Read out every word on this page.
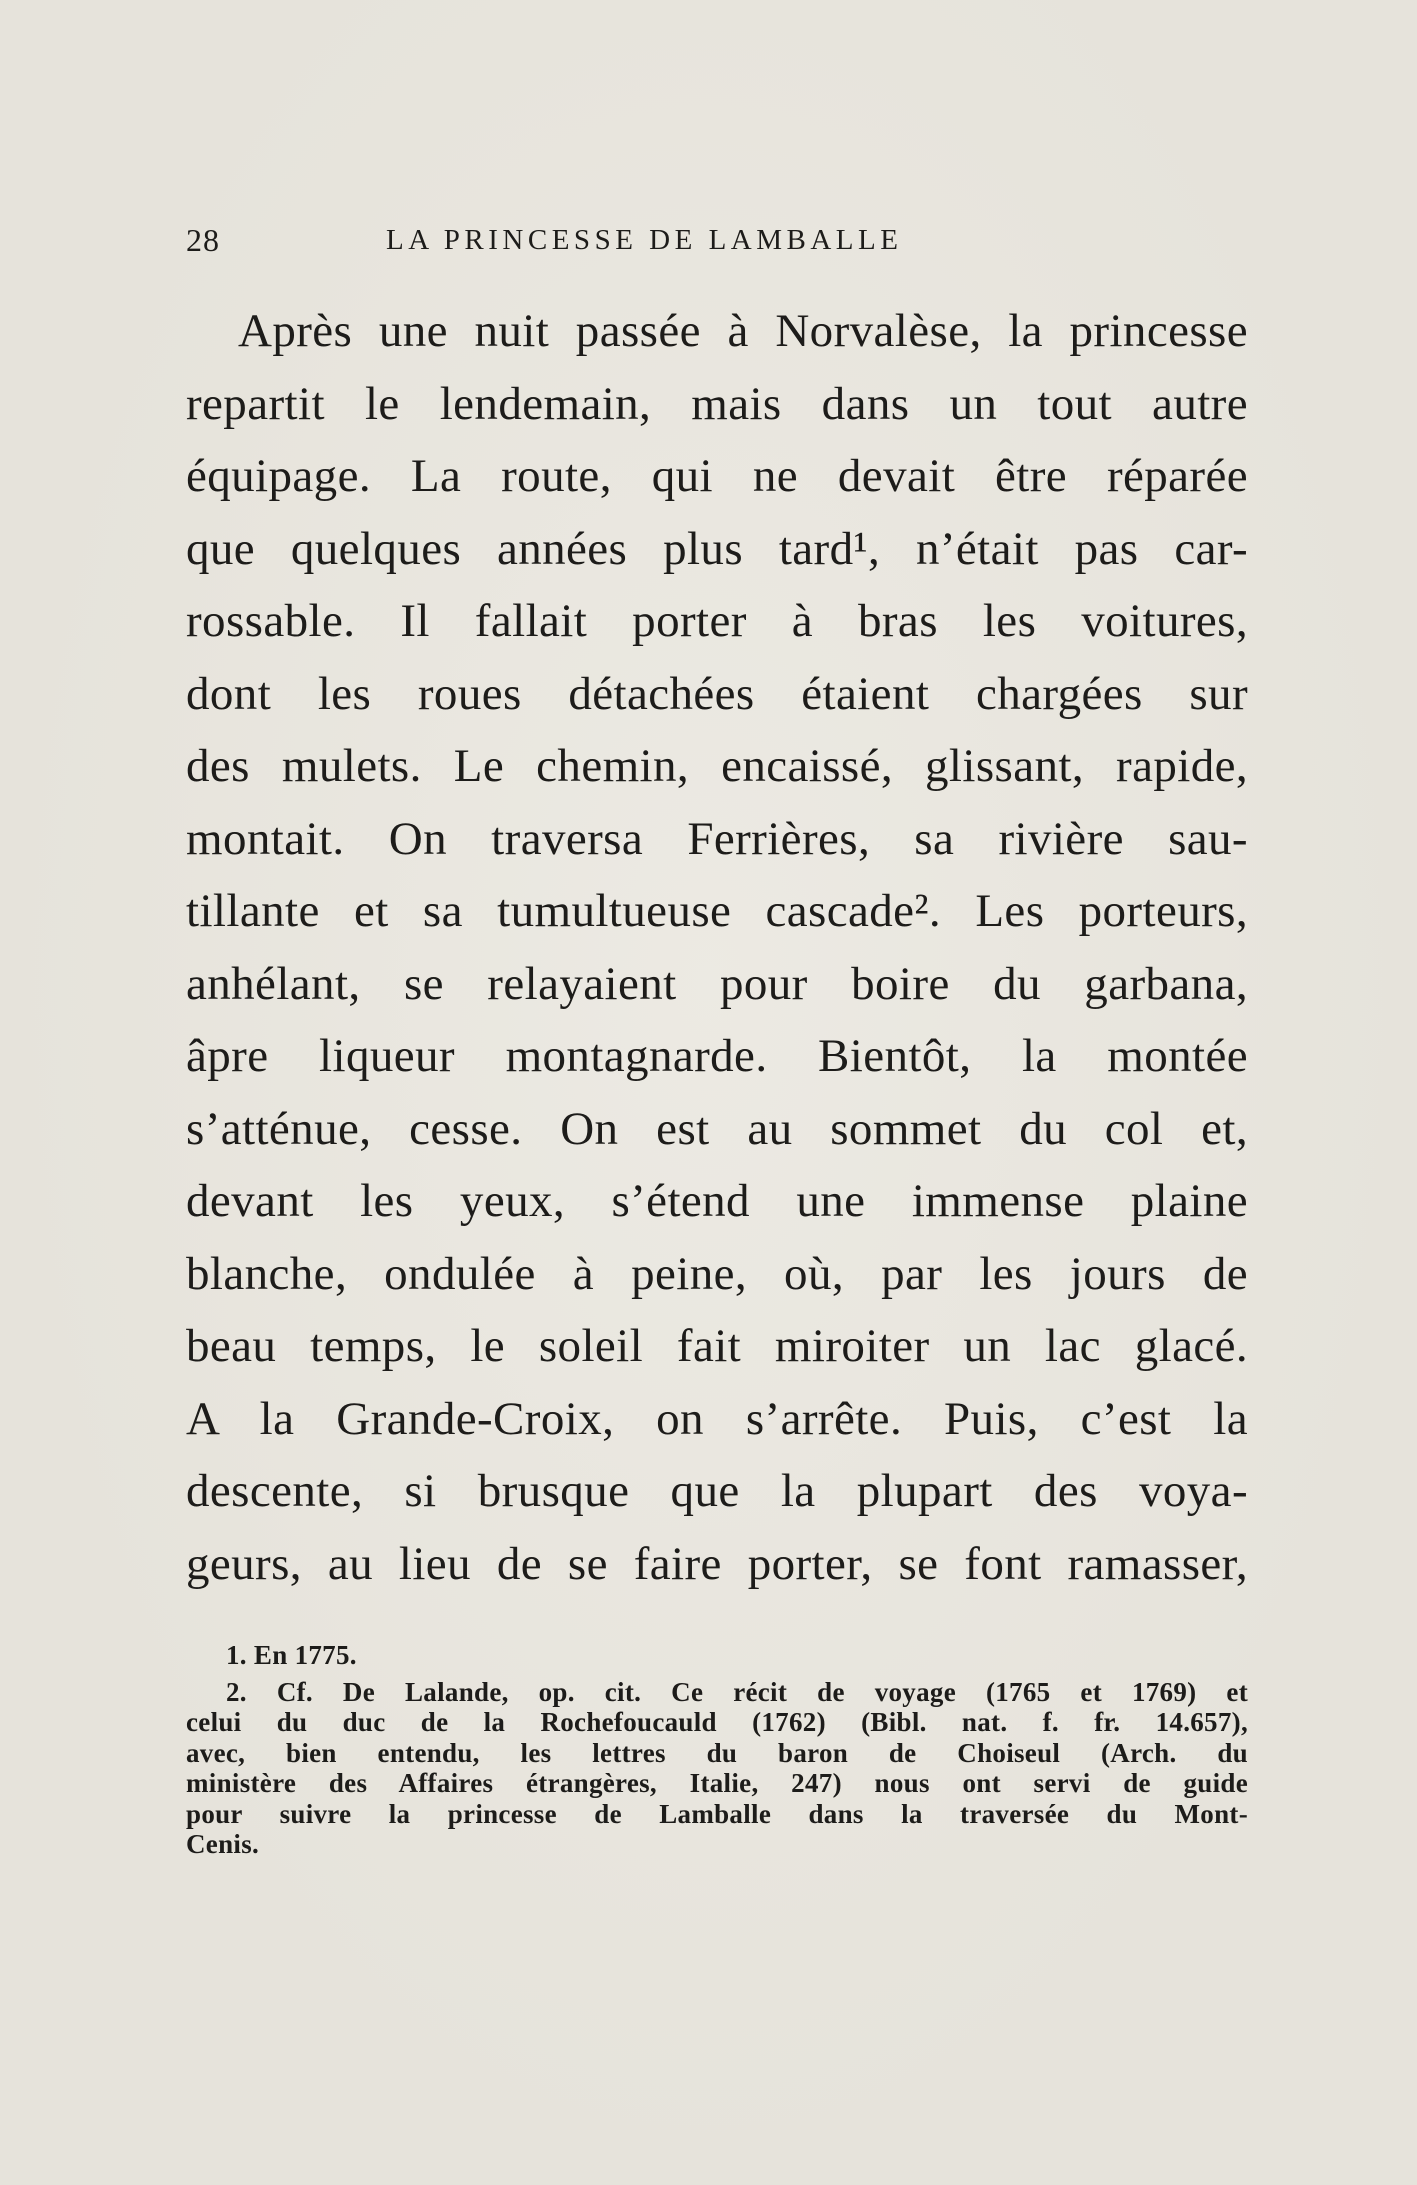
28	LA PRINCESSE DE LAMBALLE
Après une nuit passée à Norvalèse, la princesse
repartit le lendemain, mais dans un tout autre
équipage. La route, qui ne devait être réparée
que quelques années plus tard¹, n’était pas car-
rossable. Il fallait porter à bras les voitures,
dont les roues détachées étaient chargées sur
des mulets. Le chemin, encaissé, glissant, rapide,
montait. On traversa Ferrières, sa rivière sau-
tillante et sa tumultueuse cascade². Les porteurs,
anhélant, se relayaient pour boire du garbana,
âpre liqueur montagnarde. Bientôt, la montée
s’atténue, cesse. On est au sommet du col et,
devant les yeux, s’étend une immense plaine
blanche, ondulée à peine, où, par les jours de
beau temps, le soleil fait miroiter un lac glacé.
A la Grande-Croix, on s’arrête. Puis, c’est la
descente, si brusque que la plupart des voya-
geurs, au lieu de se faire porter, se font ramasser,
1. En 1775.
2. Cf. De Lalande, op. cit. Ce récit de voyage (1765 et 1769) et
celui du duc de la Rochefoucauld (1762) (Bibl. nat. f. fr. 14.657),
avec, bien entendu, les lettres du baron de Choiseul (Arch. du
ministère des Affaires étrangères, Italie, 247) nous ont servi de guide
pour suivre la princesse de Lamballe dans la traversée du Mont-
Cenis.
